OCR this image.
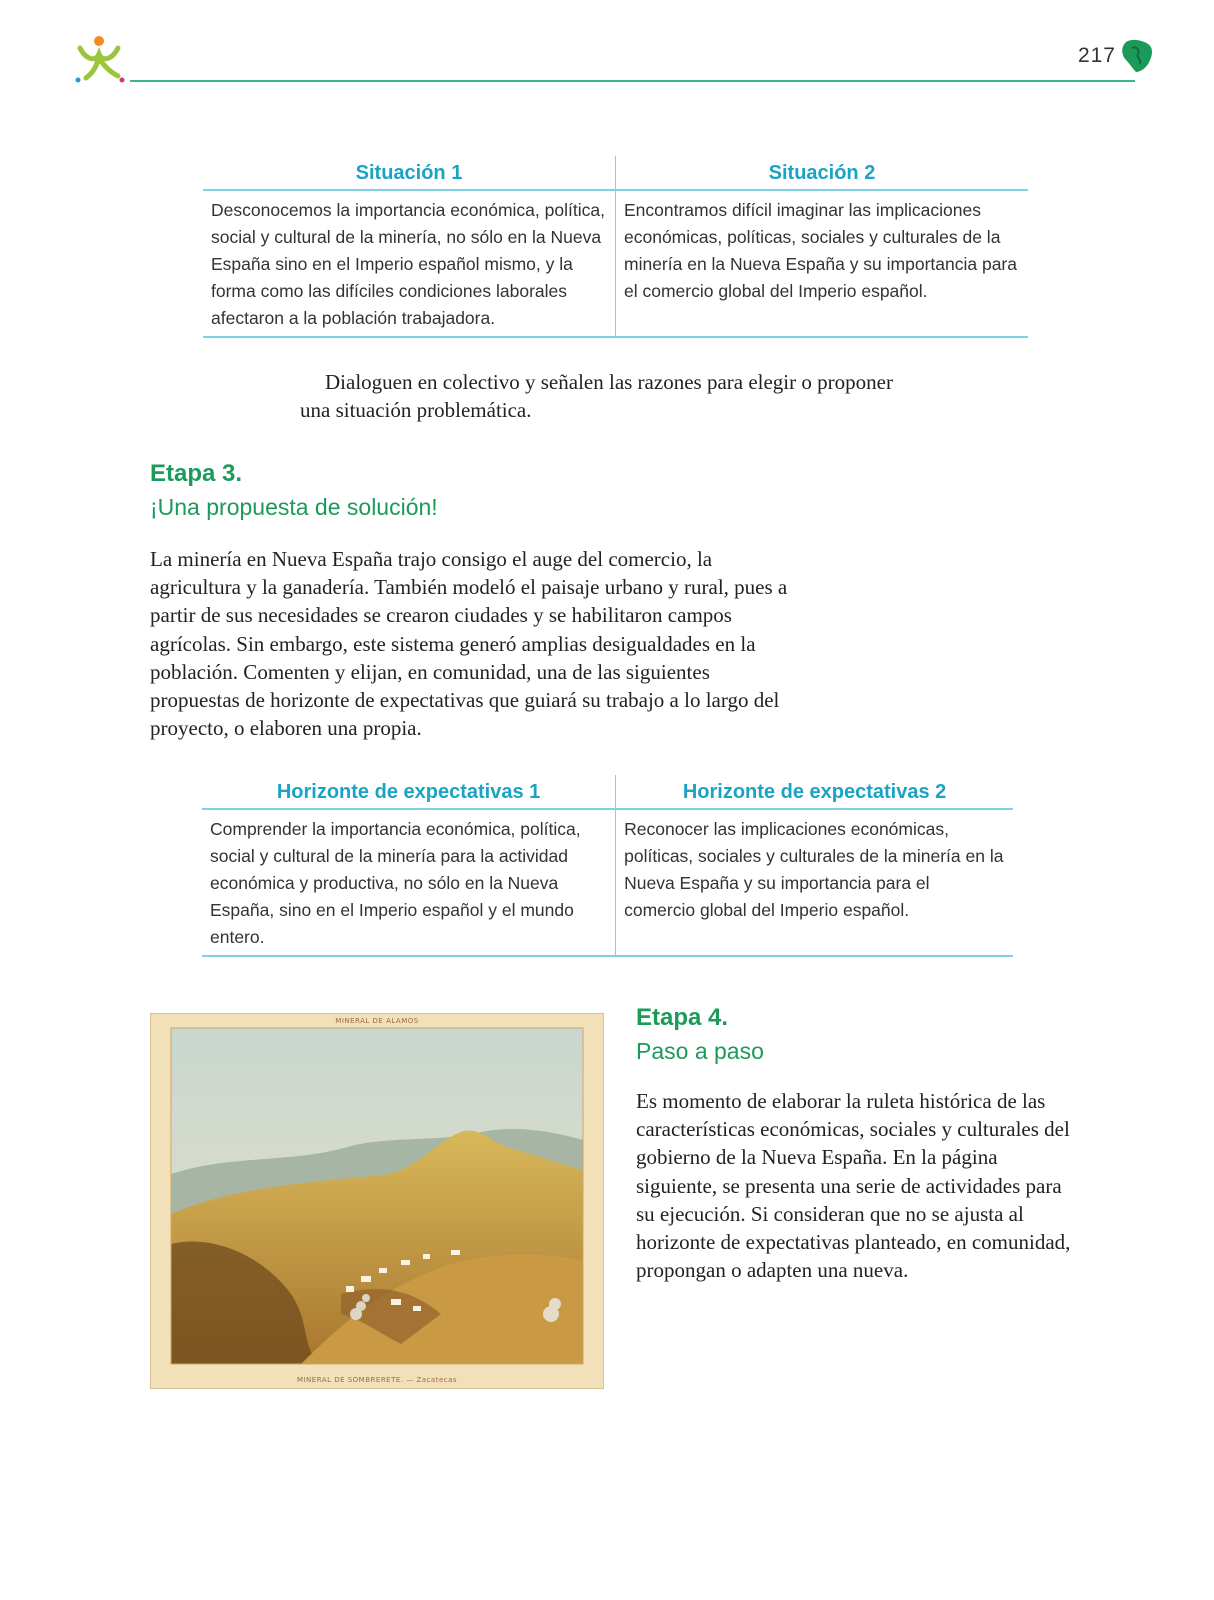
217
Situación 1	Situación 2
Desconocemos la importancia económica, política, social y cultural de la minería, no sólo en la Nueva España sino en el Imperio español mismo, y la forma como las difíciles condiciones laborales afectaron a la población trabajadora.	Encontramos difícil imaginar las implicaciones económicas, políticas, sociales y culturales de la minería en la Nueva España y su importancia para el comercio global del Imperio español.

Dialoguen en colectivo y señalen las razones para elegir o proponer una situación problemática.

Etapa 3.
¡Una propuesta de solución!

La minería en Nueva España trajo consigo el auge del comercio, la agricultura y la ganadería. También modeló el paisaje urbano y rural, pues a partir de sus necesidades se crearon ciudades y se habilitaron campos agrícolas. Sin embargo, este sistema generó amplias desigualdades en la población. Comenten y elijan, en comunidad, una de las siguientes propuestas de horizonte de expectativas que guiará su trabajo a lo largo del proyecto, o elaboren una propia.

Horizonte de expectativas 1	Horizonte de expectativas 2
Comprender la importancia económica, política, social y cultural de la minería para la actividad económica y productiva, no sólo en la Nueva España, sino en el Imperio español y el mundo entero.	Reconocer las implicaciones económicas, políticas, sociales y culturales de la minería en la Nueva España y su importancia para el comercio global del Imperio español.
MINERAL DE ALAMOS
MINERAL DE SOMBRERETE. — Zacatecas
Etapa 4.
Paso a paso

Es momento de elaborar la ruleta histórica de las características económicas, sociales y culturales del gobierno de la Nueva España. En la página siguiente, se presenta una serie de actividades para su ejecución. Si consideran que no se ajusta al horizonte de expectativas planteado, en comunidad, propongan o adapten una nueva.
